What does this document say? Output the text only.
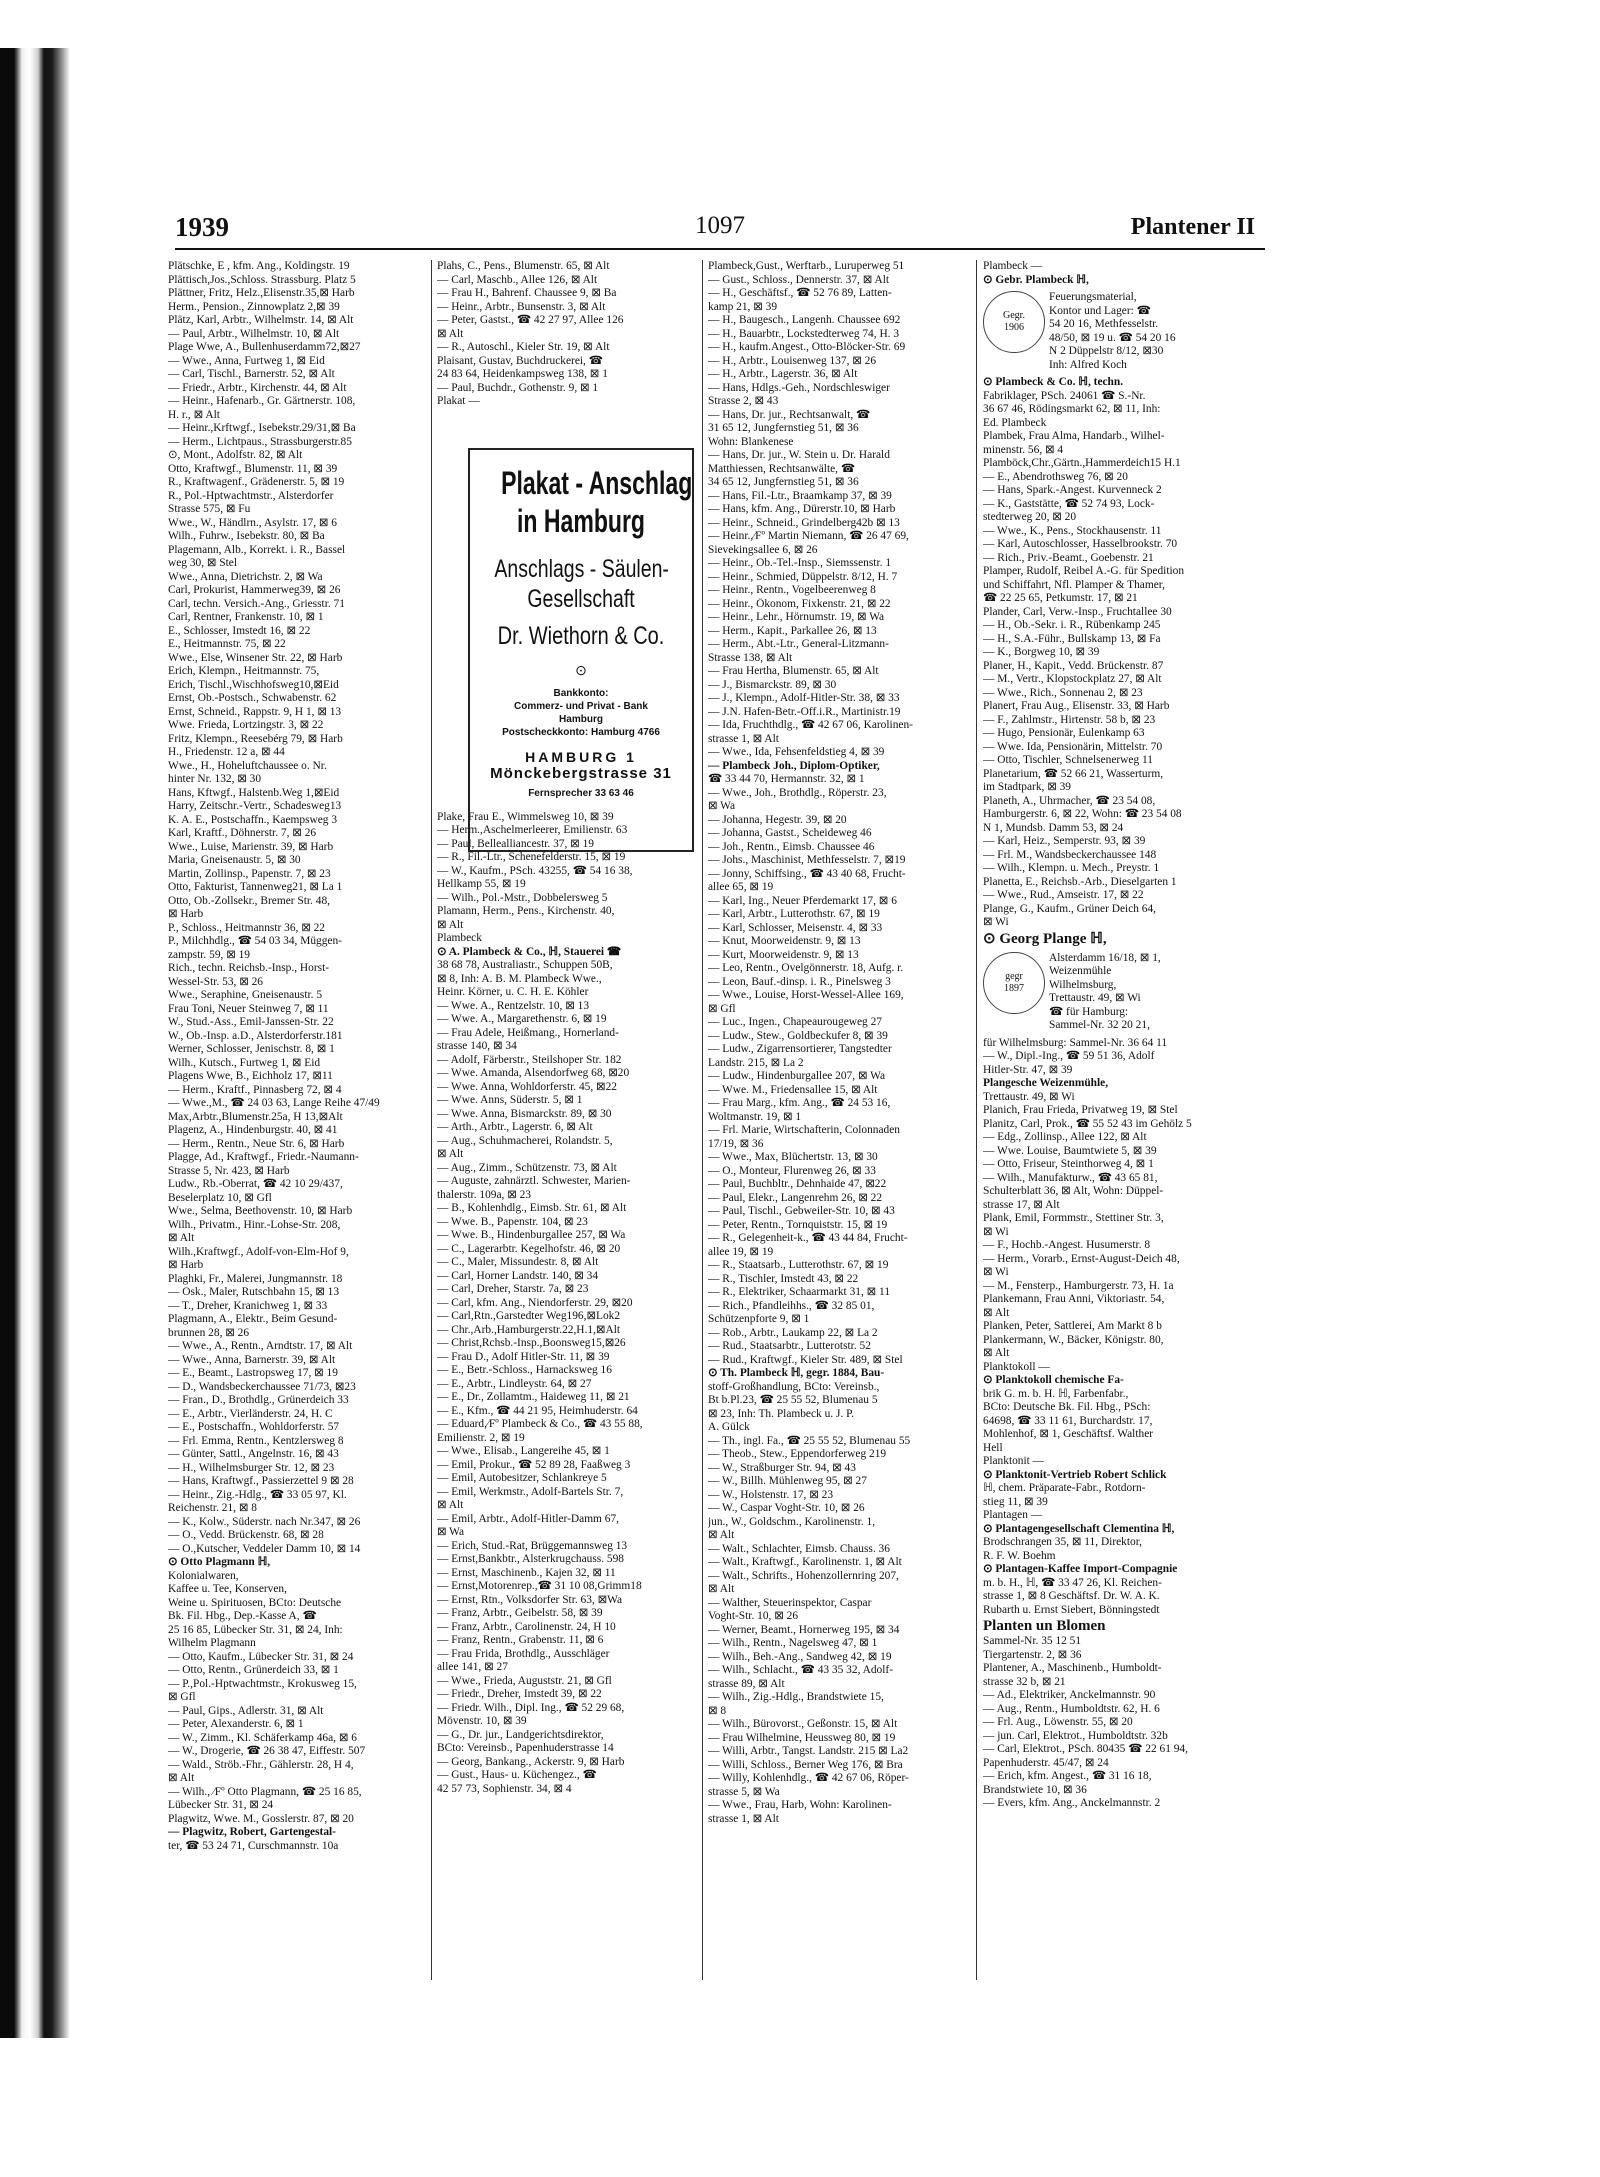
1939	1097	Plantener II
Plätschke, E , kfm. Ang., Koldingstr. 19
Plättisch,Jos.,Schloss. Strassburg. Platz 5
Plättner, Fritz, Helz.,Elisenstr.35,⊠ Harb
Herm., Pension., Zinnowplatz 2,⊠ 39
Plätz, Karl, Arbtr., Wilhelmstr. 14, ⊠ Alt
— Paul, Arbtr., Wilhelmstr. 10, ⊠ Alt
Plage Wwe, A., Bullenhuserdamm72,⊠27
— Wwe., Anna, Furtweg 1, ⊠ Eid
— Carl, Tischl., Barnerstr. 52, ⊠ Alt
— Friedr., Arbtr., Kirchenstr. 44, ⊠ Alt
— Heinr., Hafenarb., Gr. Gärtnerstr. 108,
H. r., ⊠ Alt
— Heinr.,Krftwgf., Isebekstr.29/31,⊠ Ba
— Herm., Lichtpaus., Strassburgerstr.85
⊙, Mont., Adolfstr. 82, ⊠ Alt
Otto, Kraftwgf., Blumenstr. 11, ⊠ 39
R., Kraftwagenf., Grädenerstr. 5, ⊠ 19
R., Pol.-Hptwachtmstr., Alsterdorfer
Strasse 575, ⊠ Fu
Wwe., W., Händlrn., Asylstr. 17, ⊠ 6
Wilh., Fuhrw., Isebekstr. 80, ⊠ Ba
Plagemann, Alb., Korrekt. i. R., Bassel
weg 30, ⊠ Stel
Wwe., Anna, Dietrichstr. 2, ⊠ Wa
Carl, Prokurist, Hammerweg39, ⊠ 26
Carl, techn. Versich.-Ang., Griesstr. 71
Carl, Rentner, Frankenstr. 10, ⊠ 1
E., Schlosser, Imstedt 16, ⊠ 22
E., Heitmannstr. 75, ⊠ 22
Wwe., Else, Winsener Str. 22, ⊠ Harb
Erich, Klempn., Heitmannstr. 75,
Erich, Tischl.,Wischhofsweg10,⊠Eid
Ernst, Ob.-Postsch., Schwabenstr. 62
Ernst, Schneid., Rappstr. 9, H 1, ⊠ 13
Wwe. Frieda, Lortzingstr. 3, ⊠ 22
Fritz, Klempn., Reesebérg 79, ⊠ Harb
H., Friedenstr. 12 a, ⊠ 44
Wwe., H., Hoheluftchaussee o. Nr.
hinter Nr. 132, ⊠ 30
Hans, Kftwgf., Halstenb.Weg 1,⊠Eid
Harry, Zeitschr.-Vertr., Schadesweg13
K. A. E., Postschaffn., Kaempsweg 3
Karl, Kraftf., Döhnerstr. 7, ⊠ 26
Wwe., Luise, Marienstr. 39, ⊠ Harb
Maria, Gneisenaustr. 5, ⊠ 30
Martin, Zollinsp., Papenstr. 7, ⊠ 23
Otto, Fakturist, Tannenweg21, ⊠ La 1
Otto, Ob.-Zollsekr., Bremer Str. 48,
⊠ Harb
P., Schloss., Heitmannstr 36, ⊠ 22
P., Milchhdlg., ☎ 54 03 34, Müggen-
zampstr. 59, ⊠ 19
Rich., techn. Reichsb.-Insp., Horst-
Wessel-Str. 53, ⊠ 26
Wwe., Seraphine, Gneisenaustr. 5
Frau Toni, Neuer Steinweg 7, ⊠ 11
W., Stud.-Ass., Emil-Janssen-Str. 22
W., Ob.-Insp. a.D., Alsterdorferstr.181
Werner, Schlosser, Jenischstr. 8, ⊠ 1
Wilh., Kutsch., Furtweg 1, ⊠ Eid
Plagens Wwe, B., Eichholz 17, ⊠11
— Herm., Kraftf., Pinnasberg 72, ⊠ 4
— Wwe.,M., ☎ 24 03 63, Lange Reihe 47/49
Max,Arbtr.,Blumenstr.25a, H 13,⊠Alt
Plagenz, A., Hindenburgstr. 40, ⊠ 41
— Herm., Rentn., Neue Str. 6, ⊠ Harb
Plagge, Ad., Kraftwgf., Friedr.-Naumann-
Strasse 5, Nr. 423, ⊠ Harb
Ludw., Rb.-Oberrat, ☎ 42 10 29/437,
Beselerplatz 10, ⊠ Gfl
Wwe., Selma, Beethovenstr. 10, ⊠ Harb
Wilh., Privatm., Hinr.-Lohse-Str. 208,
⊠ Alt
Wilh.,Kraftwgf., Adolf-von-Elm-Hof 9,
⊠ Harb
Plaghki, Fr., Malerei, Jungmannstr. 18
— Osk., Maler, Rutschbahn 15, ⊠ 13
— T., Dreher, Kranichweg 1, ⊠ 33
Plagmann, A., Elektr., Beim Gesund-
brunnen 28, ⊠ 26
— Wwe., A., Rentn., Arndtstr. 17, ⊠ Alt
— Wwe., Anna, Barnerstr. 39, ⊠ Alt
— E., Beamt., Lastropsweg 17, ⊠ 19
— D., Wandsbeckerchaussee 71/73, ⊠23
— Fran., D., Brothdlg., Grünerdeich 33
— E., Arbtr., Vierländerstr. 24, H. C
— E., Postschaffn., Wohldorferstr. 57
— Frl. Emma, Rentn., Kentzlersweg 8
— Günter, Sattl., Angelnstr. 16, ⊠ 43
— H., Wilhelmsburger Str. 12, ⊠ 23
— Hans, Kraftwgf., Passierzettel 9 ⊠ 28
— Heinr., Zig.-Hdlg., ☎ 33 05 97, Kl.
Reichenstr. 21, ⊠ 8
— K., Kolw., Süderstr. nach Nr.347, ⊠ 26
— O., Vedd. Brückenstr. 68, ⊠ 28
— O.,Kutscher, Veddeler Damm 10, ⊠ 14
⊙ Otto Plagmann ℍ,
Kolonialwaren,
Kaffee u. Tee, Konserven,
Weine u. Spirituosen, BCto: Deutsche
Bk. Fil. Hbg., Dep.-Kasse A, ☎
25 16 85, Lübecker Str. 31, ⊠ 24, Inh:
Wilhelm Plagmann
— Otto, Kaufm., Lübecker Str. 31, ⊠ 24
— Otto, Rentn., Grünerdeich 33, ⊠ 1
— P.,Pol.-Hptwachtmstr., Krokusweg 15,
⊠ Gfl
— Paul, Gips., Adlerstr. 31, ⊠ Alt
— Peter, Alexanderstr. 6, ⊠ 1
— W., Zimm., Kl. Schäferkamp 46a, ⊠ 6
— W., Drogerie, ☎ 26 38 47, Eiffestr. 507
— Wald., Ströb.-Fhr., Gählerstr. 28, H 4,
⊠ Alt
— Wilh., ⁄Fº Otto Plagmann, ☎ 25 16 85,
Lübecker Str. 31, ⊠ 24
Plagwitz, Wwe. M., Gosslerstr. 87, ⊠ 20
— Plagwitz, Robert, Gartengestal-
ter, ☎ 53 24 71, Curschmannstr. 10a
Plahs, C., Pens., Blumenstr. 65, ⊠ Alt
— Carl, Maschb., Allee 126, ⊠ Alt
— Frau H., Bahrenf. Chaussee 9, ⊠ Ba
— Heinr., Arbtr., Bunsenstr. 3, ⊠ Alt
— Peter, Gastst., ☎ 42 27 97, Allee 126
⊠ Alt
— R., Autoschl., Kieler Str. 19, ⊠ Alt
Plaisant, Gustav, Buchdruckerei, ☎
24 83 64, Heidenkampsweg 138, ⊠ 1
— Paul, Buchdr., Gothenstr. 9, ⊠ 1
Plakat —
Plake, Frau E., Wimmelsweg 10, ⊠ 39
— Herm.,Aschelmerleerer, Emilienstr. 63
— Paul, Bellealliancestr. 37, ⊠ 19
— R., Fil.-Ltr., Schenefelderstr. 15, ⊠ 19
— W., Kaufm., PSch. 43255, ☎ 54 16 38,
Hellkamp 55, ⊠ 19
— Wilh., Pol.-Mstr., Dobbelersweg 5
Plamann, Herm., Pens., Kirchenstr. 40,
⊠ Alt
Plambeck
⊙ A. Plambeck & Co., ℍ, Stauerei ☎
38 68 78, Australiastr., Schuppen 50B,
⊠ 8, Inh: A. B. M. Plambeck Wwe.,
Heinr. Körner, u. C. H. E. Köhler
— Wwe. A., Rentzelstr. 10, ⊠ 13
— Wwe. A., Margarethenstr. 6, ⊠ 19
— Frau Adele, Heißmang., Hornerland-
strasse 140, ⊠ 34
— Adolf, Färberstr., Steilshoper Str. 182
— Wwe. Amanda, Alsendorfweg 68, ⊠20
— Wwe. Anna, Wohldorferstr. 45, ⊠22
— Wwe. Anns, Süderstr. 5, ⊠ 1
— Wwe. Anna, Bismarckstr. 89, ⊠ 30
— Arth., Arbtr., Lagerstr. 6, ⊠ Alt
— Aug., Schuhmacherei, Rolandstr. 5,
⊠ Alt
— Aug., Zimm., Schützenstr. 73, ⊠ Alt
— Auguste, zahnärztl. Schwester, Marien-
thalerstr. 109a, ⊠ 23
— B., Kohlenhdlg., Eimsb. Str. 61, ⊠ Alt
— Wwe. B., Papenstr. 104, ⊠ 23
— Wwe. B., Hindenburgallee 257, ⊠ Wa
— C., Lagerarbtr. Kegelhofstr. 46, ⊠ 20
— C., Maler, Missundestr. 8, ⊠ Alt
— Carl, Horner Landstr. 140, ⊠ 34
— Carl, Dreher, Starstr. 7a, ⊠ 23
— Carl, kfm. Ang., Niendorferstr. 29, ⊠20
— Carl,Rtn.,Garstedter Weg196,⊠Lok2
— Chr.,Arb.,Hamburgerstr.22,H.1,⊠Alt
— Christ,Rchsb.-Insp.,Boonsweg15,⊠26
— Frau D., Adolf Hitler-Str. 11, ⊠ 39
— E., Betr.-Schloss., Harnacksweg 16
— E., Arbtr., Lindleystr. 64, ⊠ 27
— E., Dr., Zollamtm., Haideweg 11, ⊠ 21
— E., Kfm., ☎ 44 21 95, Heimhuderstr. 64
— Eduard,⁄Fº Plambeck & Co., ☎ 43 55 88,
Emilienstr. 2, ⊠ 19
— Wwe., Elisab., Langereihe 45, ⊠ 1
— Emil, Prokur., ☎ 52 89 28, Faaßweg 3
— Emil, Autobesitzer, Schlankreye 5
— Emil, Werkmstr., Adolf-Bartels Str. 7,
⊠ Alt
— Emil, Arbtr., Adolf-Hitler-Damm 67,
⊠ Wa
— Erich, Stud.-Rat, Brüggemannsweg 13
— Ernst,Bankbtr., Alsterkrugchauss. 598
— Ernst, Maschinenb., Kajen 32, ⊠ 11
— Ernst,Motorenrep.,☎ 31 10 08,Grimm18
— Ernst, Rtn., Volksdorfer Str. 63, ⊠Wa
— Franz, Arbtr., Geibelstr. 58, ⊠ 39
— Franz, Arbtr., Carolinenstr. 24, H 10
— Franz, Rentn., Grabenstr. 11, ⊠ 6
— Frau Frida, Brothdlg., Ausschläger
allee 141, ⊠ 27
— Wwe., Frieda, Auguststr. 21, ⊠ Gfl
— Friedr., Dreher, Imstedt 39, ⊠ 22
— Friedr. Wilh., Dipl. Ing., ☎ 52 29 68,
Mövenstr. 10, ⊠ 39
— G., Dr. jur., Landgerichtsdirektor,
BCto: Vereinsb., Papenhuderstrasse 14
— Georg, Bankang., Ackerstr. 9, ⊠ Harb
— Gust., Haus- u. Küchengez., ☎
42 57 73, Sophienstr. 34, ⊠ 4
Plakat - Anschlag
in Hamburg
Anschlags - Säulen-
Gesellschaft
Dr. Wiethorn & Co.
⊙
Bankkonto:
Commerz- und Privat - Bank
Hamburg
Postscheckkonto: Hamburg 4766
HAMBURG 1
Mönckebergstrasse 31
Fernsprecher 33 63 46
Plambeck,Gust., Werftarb., Luruperweg 51
— Gust., Schloss., Dennerstr. 37, ⊠ Alt
— H., Geschäftsf., ☎ 52 76 89, Latten-
kamp 21, ⊠ 39
— H., Baugesch., Langenh. Chaussee 692
— H., Bauarbtr., Lockstedterweg 74, H. 3
— H., kaufm.Angest., Otto-Blöcker-Str. 69
— H., Arbtr., Louisenweg 137, ⊠ 26
— H., Arbtr., Lagerstr. 36, ⊠ Alt
— Hans, Hdlgs.-Geh., Nordschleswiger
Strasse 2, ⊠ 43
— Hans, Dr. jur., Rechtsanwalt, ☎
31 65 12, Jungfernstieg 51, ⊠ 36
Wohn: Blankenese
— Hans, Dr. jur., W. Stein u. Dr. Harald
Matthiessen, Rechtsanwälte, ☎
34 65 12, Jungfernstieg 51, ⊠ 36
— Hans, Fil.-Ltr., Braamkamp 37, ⊠ 39
— Hans, kfm. Ang., Dürerstr.10, ⊠ Harb
— Heinr., Schneid., Grindelberg42b ⊠ 13
— Heinr.,⁄Fº Martin Niemann, ☎ 26 47 69,
Sievekingsallee 6, ⊠ 26
— Heinr., Ob.-Tel.-Insp., Siemssenstr. 1
— Heinr., Schmied, Düppelstr. 8/12, H. 7
— Heinr., Rentn., Vogelbeerenweg 8
— Heinr., Ökonom, Fixkenstr. 21, ⊠ 22
— Heinr., Lehr., Hörnumstr. 19, ⊠ Wa
— Herm., Kapit., Parkallee 26, ⊠ 13
— Herm., Abt.-Ltr., General-Litzmann-
Strasse 138, ⊠ Alt
— Frau Hertha, Blumenstr. 65, ⊠ Alt
— J., Bismarckstr. 89, ⊠ 30
— J., Klempn., Adolf-Hitler-Str. 38, ⊠ 33
— J.N. Hafen-Betr.-Off.i.R., Martinistr.19
— Ida, Fruchthdlg., ☎ 42 67 06, Karolinen-
strasse 1, ⊠ Alt
— Wwe., Ida, Fehsenfeldstieg 4, ⊠ 39
— Plambeck Joh., Diplom-Optiker,
☎ 33 44 70, Hermannstr. 32, ⊠ 1
— Wwe., Joh., Brothdlg., Röperstr. 23,
⊠ Wa
— Johanna, Hegestr. 39, ⊠ 20
— Johanna, Gastst., Scheideweg 46
— Joh., Rentn., Eimsb. Chaussee 46
— Johs., Maschinist, Methfesselstr. 7, ⊠19
— Jonny, Schiffsing., ☎ 43 40 68, Frucht-
allee 65, ⊠ 19
— Karl, Ing., Neuer Pferdemarkt 17, ⊠ 6
— Karl, Arbtr., Lutterothstr. 67, ⊠ 19
— Karl, Schlosser, Meisenstr. 4, ⊠ 33
— Knut, Moorweidenstr. 9, ⊠ 13
— Kurt, Moorweidenstr. 9, ⊠ 13
— Leo, Rentn., Ovelgönnerstr. 18, Aufg. r.
— Leon, Bauf.-dinsp. i. R., Pinelsweg 3
— Wwe., Louise, Horst-Wessel-Allee 169,
⊠ Gfl
— Luc., Ingen., Chapeaurougeweg 27
— Ludw., Stew., Goldbeckufer 8, ⊠ 39
— Ludw., Zigarrensortierer, Tangstedter
Landstr. 215, ⊠ La 2
— Ludw., Hindenburgallee 207, ⊠ Wa
— Wwe. M., Friedensallee 15, ⊠ Alt
— Frau Marg., kfm. Ang., ☎ 24 53 16,
Woltmanstr. 19, ⊠ 1
— Frl. Marie, Wirtschafterin, Colonnaden
17/19, ⊠ 36
— Wwe., Max, Blüchertstr. 13, ⊠ 30
— O., Monteur, Flurenweg 26, ⊠ 33
— Paul, Buchbltr., Dehnhaide 47, ⊠22
— Paul, Elekr., Langenrehm 26, ⊠ 22
— Paul, Tischl., Gebweiler-Str. 10, ⊠ 43
— Peter, Rentn., Tornquiststr. 15, ⊠ 19
— R., Gelegenheit-k., ☎ 43 44 84, Frucht-
allee 19, ⊠ 19
— R., Staatsarb., Lutterothstr. 67, ⊠ 19
— R., Tischler, Imstedt 43, ⊠ 22
— R., Elektriker, Schaarmarkt 31, ⊠ 11
— Rich., Pfandleihhs., ☎ 32 85 01,
Schützenpforte 9, ⊠ 1
— Rob., Arbtr., Laukamp 22, ⊠ La 2
— Rud., Staatsarbtr., Lutterotstr. 52
— Rud., Kraftwgf., Kieler Str. 489, ⊠ Stel
⊙ Th. Plambeck ℍ, gegr. 1884, Bau-
stoff-Großhandlung, BCto: Vereinsb.,
Bt b.Pl.23, ☎ 25 55 52, Blumenau 5
⊠ 23, Inh: Th. Plambeck u. J. P.
A. Gülck
— Th., ingl. Fa., ☎ 25 55 52, Blumenau 55
— Theob., Stew., Eppendorferweg 219
— W., Straßburger Str. 94, ⊠ 43
— W., Billh. Mühlenweg 95, ⊠ 27
— W., Holstenstr. 17, ⊠ 23
— W., Caspar Voght-Str. 10, ⊠ 26
jun., W., Goldschm., Karolinenstr. 1,
⊠ Alt
— Walt., Schlachter, Eimsb. Chauss. 36
— Walt., Kraftwgf., Karolinenstr. 1, ⊠ Alt
— Walt., Schrifts., Hohenzollernring 207,
⊠ Alt
— Walther, Steuerinspektor, Caspar
Voght-Str. 10, ⊠ 26
— Werner, Beamt., Hornerweg 195, ⊠ 34
— Wilh., Rentn., Nagelsweg 47, ⊠ 1
— Wilh., Beh.-Ang., Sandweg 42, ⊠ 19
— Wilh., Schlacht., ☎ 43 35 32, Adolf-
strasse 89, ⊠ Alt
— Wilh., Zig.-Hdlg., Brandstwiete 15,
⊠ 8
— Wilh., Bürovorst., Geßonstr. 15, ⊠ Alt
— Frau Wilhelmine, Heussweg 80, ⊠ 19
— Willi, Arbtr., Tangst. Landstr. 215 ⊠ La2
— Willi, Schloss., Berner Weg 176, ⊠ Bra
— Willy, Kohlenhdlg., ☎ 42 67 06, Röper-
strasse 5, ⊠ Wa
— Wwe., Frau, Harb, Wohn: Karolinen-
strasse 1, ⊠ Alt
Plambeck —
⊙ Gebr. Plambeck ℍ,
Gegr.
1906
Feuerungsmaterial,
Kontor und Lager: ☎
54 20 16, Methfesselstr.
48/50, ⊠ 19 u. ☎ 54 20 16
N 2 Düppelstr 8/12, ⊠30
Inh: Alfred Koch
⊙ Plambeck & Co. ℍ, techn.
Fabriklager, PSch. 24061 ☎ S.-Nr.
36 67 46, Rödingsmarkt 62, ⊠ 11, Inh:
Ed. Plambeck
Plambek, Frau Alma, Handarb., Wilhel-
minenstr. 56, ⊠ 4
Plamböck,Chr.,Gärtn.,Hammerdeich15 H.1
— E., Abendrothsweg 76, ⊠ 20
— Hans, Spark.-Angest. Kurvenneck 2
— K., Gaststätte, ☎ 52 74 93, Lock-
stedterweg 20, ⊠ 20
— Wwe., K., Pens., Stockhausenstr. 11
— Karl, Autoschlosser, Hasselbrookstr. 70
— Rich., Priv.-Beamt., Goebenstr. 21
Plamper, Rudolf, Reibel A.-G. für Spedition
und Schiffahrt, Nfl. Plamper & Thamer,
☎ 22 25 65, Petkumstr. 17, ⊠ 21
Plander, Carl, Verw.-Insp., Fruchtallee 30
— H., Ob.-Sekr. i. R., Rübenkamp 245
— H., S.A.-Führ., Bullskamp 13, ⊠ Fa
— K., Borgweg 10, ⊠ 39
Planer, H., Kapit., Vedd. Brückenstr. 87
— M., Vertr., Klopstockplatz 27, ⊠ Alt
— Wwe., Rich., Sonnenau 2, ⊠ 23
Planert, Frau Aug., Elisenstr. 33, ⊠ Harb
— F., Zahlmstr., Hirtenstr. 58 b, ⊠ 23
— Hugo, Pensionär, Eulenkamp 63
— Wwe. Ida, Pensionärin, Mittelstr. 70
— Otto, Tischler, Schnelsenerweg 11
Planetarium, ☎ 52 66 21, Wasserturm,
im Stadtpark, ⊠ 39
Planeth, A., Uhrmacher, ☎ 23 54 08,
Hamburgerstr. 6, ⊠ 22, Wohn: ☎ 23 54 08
N 1, Mundsb. Damm 53, ⊠ 24
— Karl, Heiz., Semperstr. 93, ⊠ 39
— Frl. M., Wandsbeckerchaussee 148
— Wilh., Klempn. u. Mech., Preystr. 1
Planetta, E., Reichsb.-Arb., Dieselgarten 1
— Wwe., Rud., Amseistr. 17, ⊠ 22
Plange, G., Kaufm., Grüner Deich 64,
⊠ Wi
⊙ Georg Plange ℍ,
gegr
1897
Alsterdamm 16/18, ⊠ 1,
Weizenmühle
Wilhelmsburg,
Trettaustr. 49, ⊠ Wi
☎ für Hamburg:
Sammel-Nr. 32 20 21,
für Wilhelmsburg: Sammel-Nr. 36 64 11
— W., Dipl.-Ing., ☎ 59 51 36, Adolf
Hitler-Str. 47, ⊠ 39
Plangesche Weizenmühle,
Trettaustr. 49, ⊠ Wi
Planich, Frau Frieda, Privatweg 19, ⊠ Stel
Planitz, Carl, Prok., ☎ 55 52 43 im Gehölz 5
— Edg., Zollinsp., Allee 122, ⊠ Alt
— Wwe. Louise, Baumtwiete 5, ⊠ 39
— Otto, Friseur, Steinthorweg 4, ⊠ 1
— Wilh., Manufakturw., ☎ 43 65 81,
Schulterblatt 36, ⊠ Alt, Wohn: Düppel-
strasse 17, ⊠ Alt
Plank, Emil, Formmstr., Stettiner Str. 3,
⊠ Wi
— F., Hochb.-Angest. Husumerstr. 8
— Herm., Vorarb., Ernst-August-Deich 48,
⊠ Wi
— M., Fensterp., Hamburgerstr. 73, H. 1a
Plankemann, Frau Anni, Viktoriastr. 54,
⊠ Alt
Planken, Peter, Sattlerei, Am Markt 8 b
Plankermann, W., Bäcker, Königstr. 80,
⊠ Alt
Planktokoll —
⊙ Planktokoll chemische Fa-
brik G. m. b. H. ℍ, Farbenfabr.,
BCto: Deutsche Bk. Fil. Hbg., PSch:
64698, ☎ 33 11 61, Burchardstr. 17,
Mohlenhof, ⊠ 1, Geschäftsf. Walther
Hell
Planktonit —
⊙ Planktonit-Vertrieb Robert Schlick
ℍ, chem. Präparate-Fabr., Rotdorn-
stieg 11, ⊠ 39
Plantagen —
⊙ Plantagengesellschaft Clementina ℍ,
Brodschrangen 35, ⊠ 11, Direktor,
R. F. W. Boehm
⊙ Plantagen-Kaffee Import-Compagnie
m. b. H., ℍ, ☎ 33 47 26, Kl. Reichen-
strasse 1, ⊠ 8 Geschäftsf. Dr. W. A. K.
Rubarth u. Ernst Siebert, Bönningstedt
Planten un Blomen
Sammel-Nr. 35 12 51
Tiergartenstr. 2, ⊠ 36
Plantener, A., Maschinenb., Humboldt-
strasse 32 b, ⊠ 21
— Ad., Elektriker, Anckelmannstr. 90
— Aug., Rentn., Humboldtstr. 62, H. 6
— Frl. Aug., Löwenstr. 55, ⊠ 20
— jun. Carl, Elektrot., Humboldtstr. 32b
— Carl, Elektrot., PSch. 80435 ☎ 22 61 94,
Papenhuderstr. 45/47, ⊠ 24
— Erich, kfm. Angest., ☎ 31 16 18,
Brandstwiete 10, ⊠ 36
— Evers, kfm. Ang., Anckelmannstr. 2
